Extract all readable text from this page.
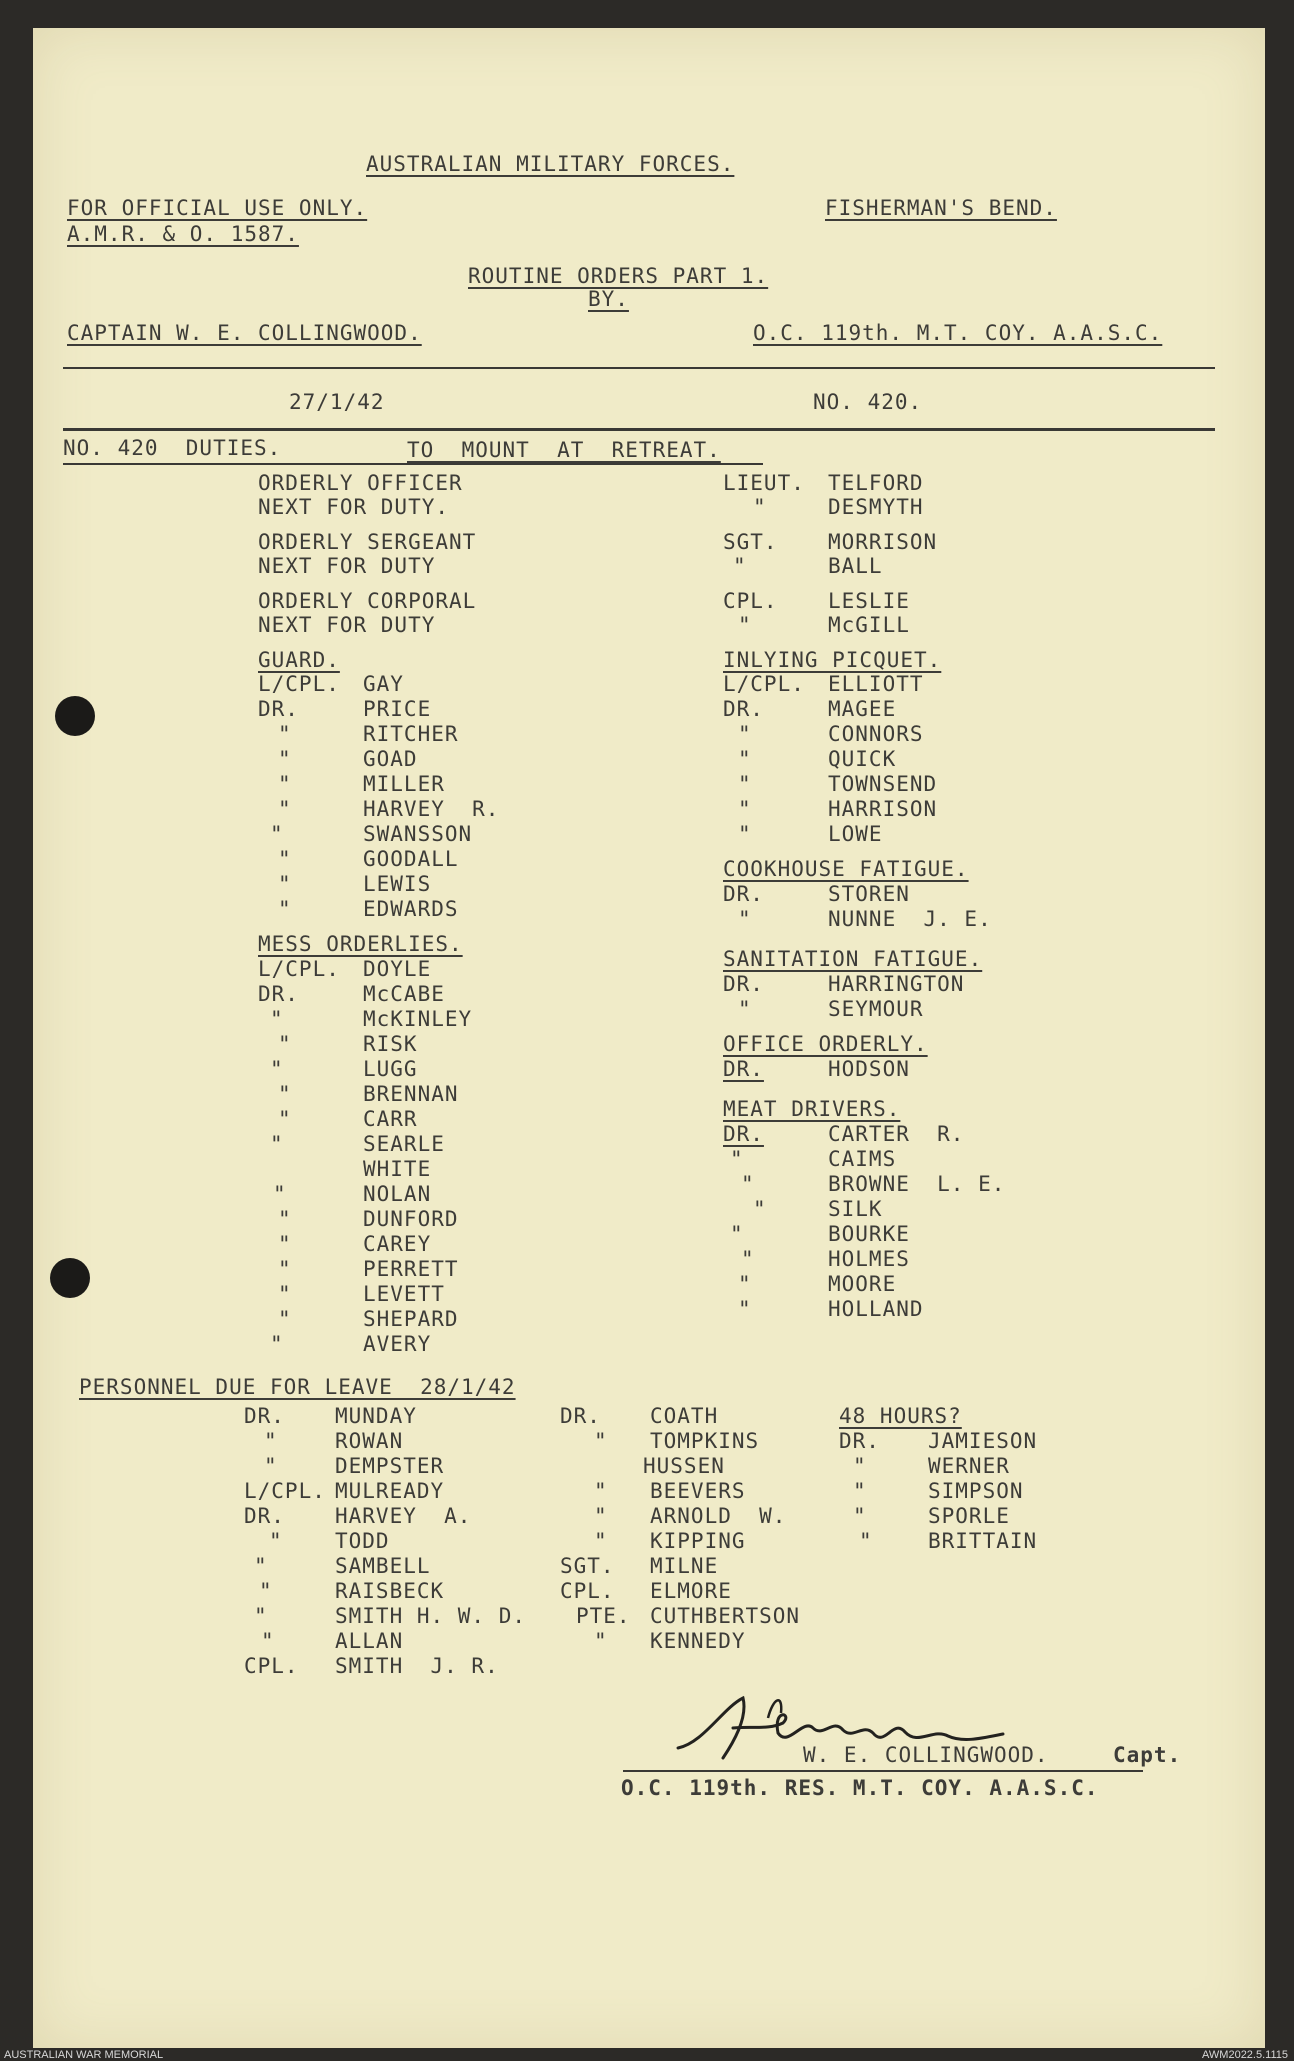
AUSTRALIAN MILITARY FORCES.
FOR OFFICIAL USE ONLY.
A.M.R. & O. 1587.
FISHERMAN'S BEND.
ROUTINE ORDERS PART 1.
BY.
CAPTAIN W. E. COLLINGWOOD.	O.C. 119th. M.T. COY. A.A.S.C.
27/1/42	NO. 420.
NO. 420  DUTIES.	TO  MOUNT  AT  RETREAT.
ORDERLY OFFICER	LIEUT. TELFORD
NEXT FOR DUTY.	"	DESMYTH
ORDERLY SERGEANT	SGT. MORRISON
NEXT FOR DUTY	"	BALL
ORDERLY CORPORAL	CPL. LESLIE
NEXT FOR DUTY	"	McGILL
GUARD.
L/CPL. GAY
DR.	PRICE
"	RITCHER
"	GOAD
"	MILLER
"	HARVEY  R.
"	SWANSSON
"	GOODALL
"	LEWIS
"	EDWARDS
INLYING PICQUET.
L/CPL. ELLIOTT
DR.	MAGEE
"	CONNORS
"	QUICK
"	TOWNSEND
"	HARRISON
"	LOWE
COOKHOUSE FATIGUE.
DR.	STOREN
"	NUNNE  J. E.
MESS ORDERLIES.
L/CPL. DOYLE
DR.	McCABE
"	McKINLEY
"	RISK
"	LUGG
"	BRENNAN
"	CARR
"	SEARLE
WHITE
"	NOLAN
"	DUNFORD
"	CAREY
"	PERRETT
"	LEVETT
"	SHEPARD
"	AVERY
SANITATION FATIGUE.
DR.	HARRINGTON
"	SEYMOUR
OFFICE ORDERLY.
DR.	HODSON
MEAT DRIVERS.
DR.	CARTER  R.
"	CAIMS
"	BROWNE  L. E.
"	SILK
"	BOURKE
"	HOLMES
"	MOORE
"	HOLLAND
PERSONNEL DUE FOR LEAVE  28/1/42
DR. MUNDAY
"	ROWAN
"	DEMPSTER
L/CPL. MULREADY
DR. HARVEY  A.
" TODD
"	SAMBELL
"	RAISBECK
"	SMITH H. W. D.
"	ALLAN
CPL. SMITH  J. R.
DR. COATH
" TOMPKINS
HUSSEN
" BEEVERS
" ARNOLD  W.
" KIPPING
SGT. MILNE
CPL. ELMORE
PTE. CUTHBERTSON
" KENNEDY
48 HOURS?
DR. JAMIESON
"	WERNER
"	SIMPSON
"	SPORLE
"	BRITTAIN
W. E. COLLINGWOOD.	Capt.
O.C. 119th. RES. M.T. COY. A.A.S.C.
AUSTRALIAN WAR MEMORIAL	AWM2022.5.1115
